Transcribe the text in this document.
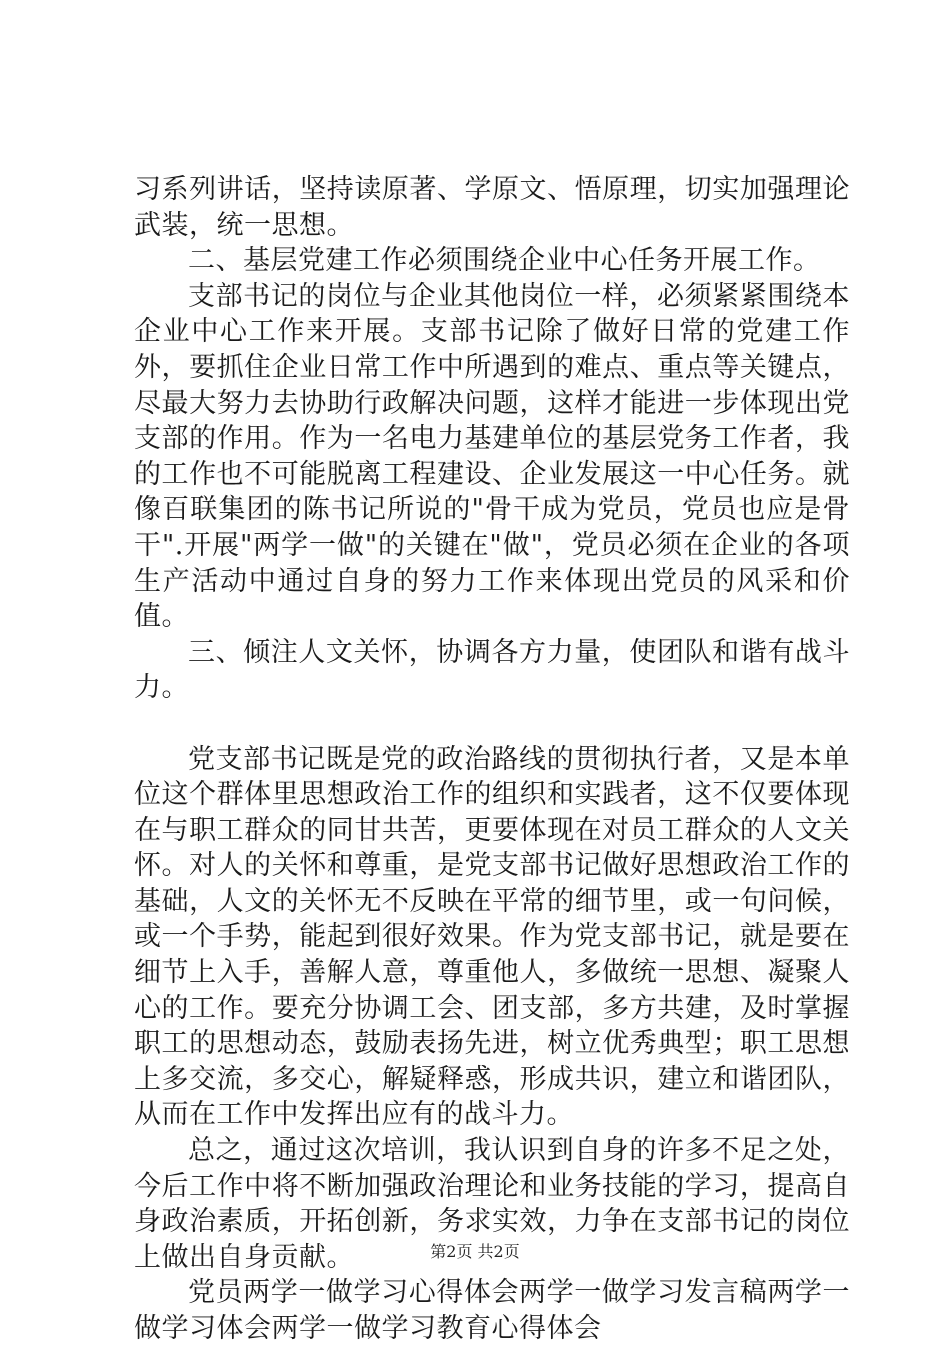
习系列讲话，坚持读原著、学原文、悟原理，切实加强理论武装，统一思想。

二、基层党建工作必须围绕企业中心任务开展工作。

支部书记的岗位与企业其他岗位一样，必须紧紧围绕本企业中心工作来开展。支部书记除了做好日常的党建工作外，要抓住企业日常工作中所遇到的难点、重点等关键点，尽最大努力去协助行政解决问题，这样才能进一步体现出党支部的作用。作为一名电力基建单位的基层党务工作者，我的工作也不可能脱离工程建设、企业发展这一中心任务。就像百联集团的陈书记所说的"骨干成为党员，党员也应是骨干".开展"两学一做"的关键在"做"，党员必须在企业的各项生产活动中通过自身的努力工作来体现出党员的风采和价值。

三、倾注人文关怀，协调各方力量，使团队和谐有战斗力。

党支部书记既是党的政治路线的贯彻执行者，又是本单位这个群体里思想政治工作的组织和实践者，这不仅要体现在与职工群众的同甘共苦，更要体现在对员工群众的人文关怀。对人的关怀和尊重，是党支部书记做好思想政治工作的基础，人文的关怀无不反映在平常的细节里，或一句问候，或一个手势，能起到很好效果。作为党支部书记，就是要在细节上入手，善解人意，尊重他人，多做统一思想、凝聚人心的工作。要充分协调工会、团支部，多方共建，及时掌握职工的思想动态，鼓励表扬先进，树立优秀典型；职工思想上多交流，多交心，解疑释惑，形成共识，建立和谐团队，从而在工作中发挥出应有的战斗力。

总之，通过这次培训，我认识到自身的许多不足之处，今后工作中将不断加强政治理论和业务技能的学习，提高自身政治素质，开拓创新，务求实效，力争在支部书记的岗位上做出自身贡献。

党员两学一做学习心得体会两学一做学习发言稿两学一做学习体会两学一做学习教育心得体会

第2页 共2页
